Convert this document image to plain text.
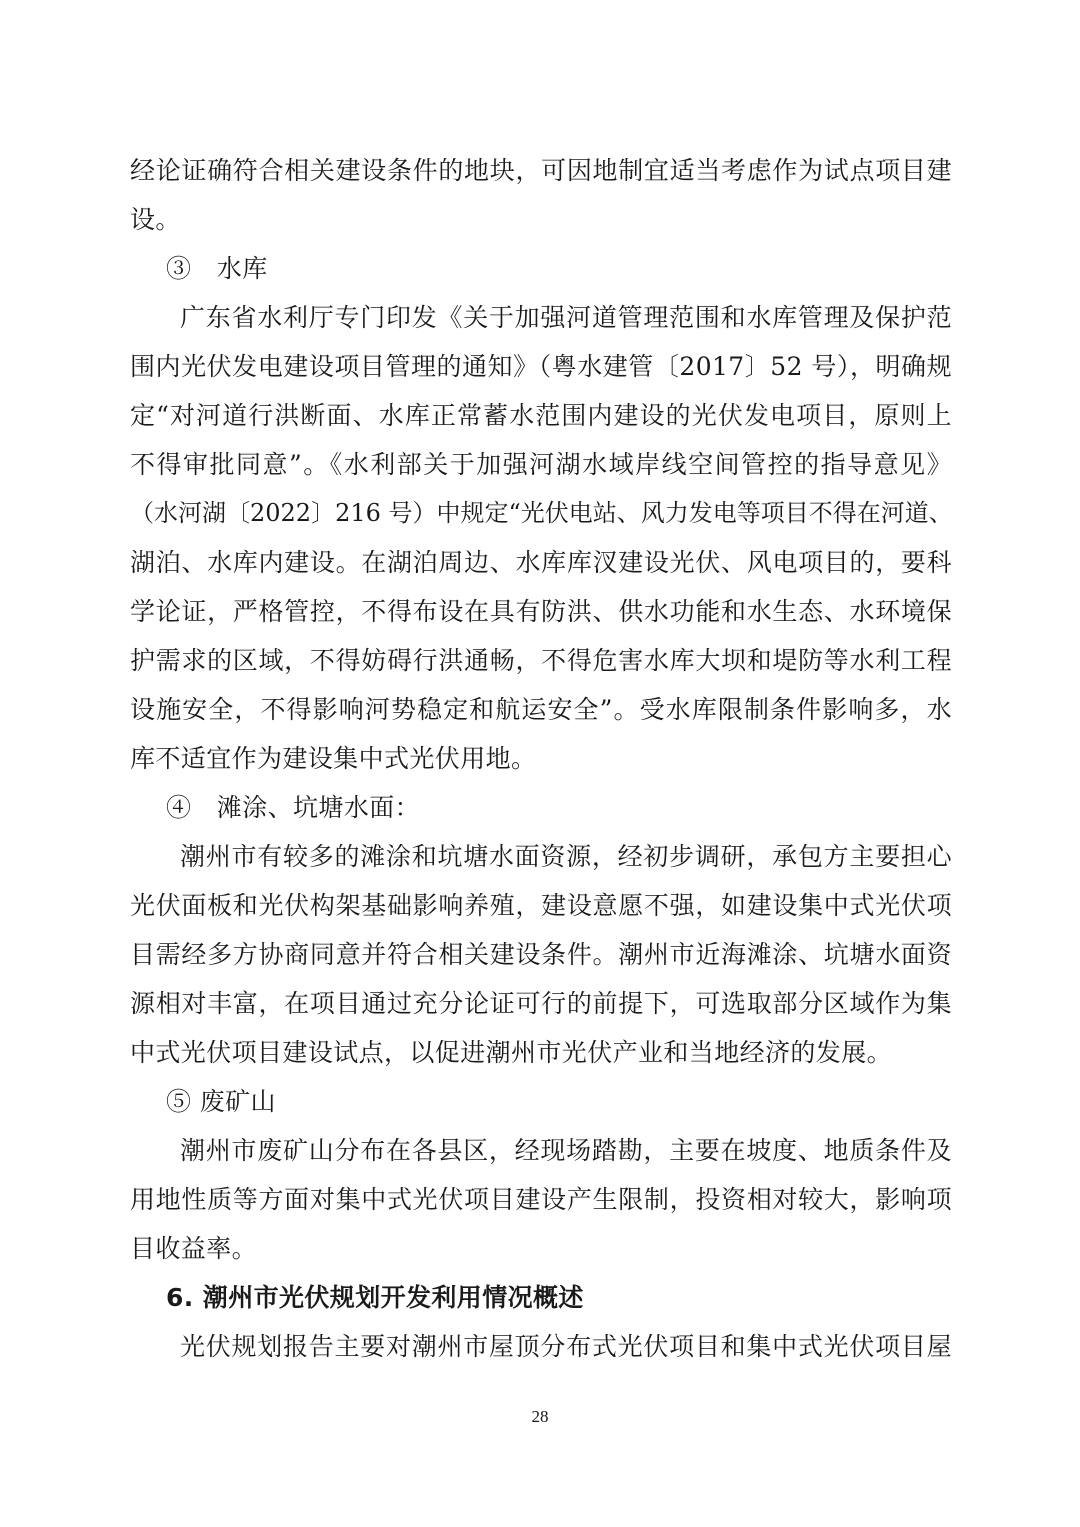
经论证确符合相关建设条件的地块，可因地制宜适当考虑作为试点项目建
设。
③　水库
广东省水利厅专门印发《关于加强河道管理范围和水库管理及保护范
围内光伏发电建设项目管理的通知》（粤水建管〔2017〕52 号），明确规
定“对河道行洪断面、水库正常蓄水范围内建设的光伏发电项目，原则上
不得审批同意”。《水利部关于加强河湖水域岸线空间管控的指导意见》
（水河湖〔2022〕216 号）中规定“光伏电站、风力发电等项目不得在河道、
湖泊、水库内建设。在湖泊周边、水库库汊建设光伏、风电项目的，要科
学论证，严格管控，不得布设在具有防洪、供水功能和水生态、水环境保
护需求的区域，不得妨碍行洪通畅，不得危害水库大坝和堤防等水利工程
设施安全，不得影响河势稳定和航运安全”。受水库限制条件影响多，水
库不适宜作为建设集中式光伏用地。
④　滩涂、坑塘水面：
潮州市有较多的滩涂和坑塘水面资源，经初步调研，承包方主要担心
光伏面板和光伏构架基础影响养殖，建设意愿不强，如建设集中式光伏项
目需经多方协商同意并符合相关建设条件。潮州市近海滩涂、坑塘水面资
源相对丰富，在项目通过充分论证可行的前提下，可选取部分区域作为集
中式光伏项目建设试点，以促进潮州市光伏产业和当地经济的发展。
⑤ 废矿山
潮州市废矿山分布在各县区，经现场踏勘，主要在坡度、地质条件及
用地性质等方面对集中式光伏项目建设产生限制，投资相对较大，影响项
目收益率。
6. 潮州市光伏规划开发利用情况概述
光伏规划报告主要对潮州市屋顶分布式光伏项目和集中式光伏项目屋
28
